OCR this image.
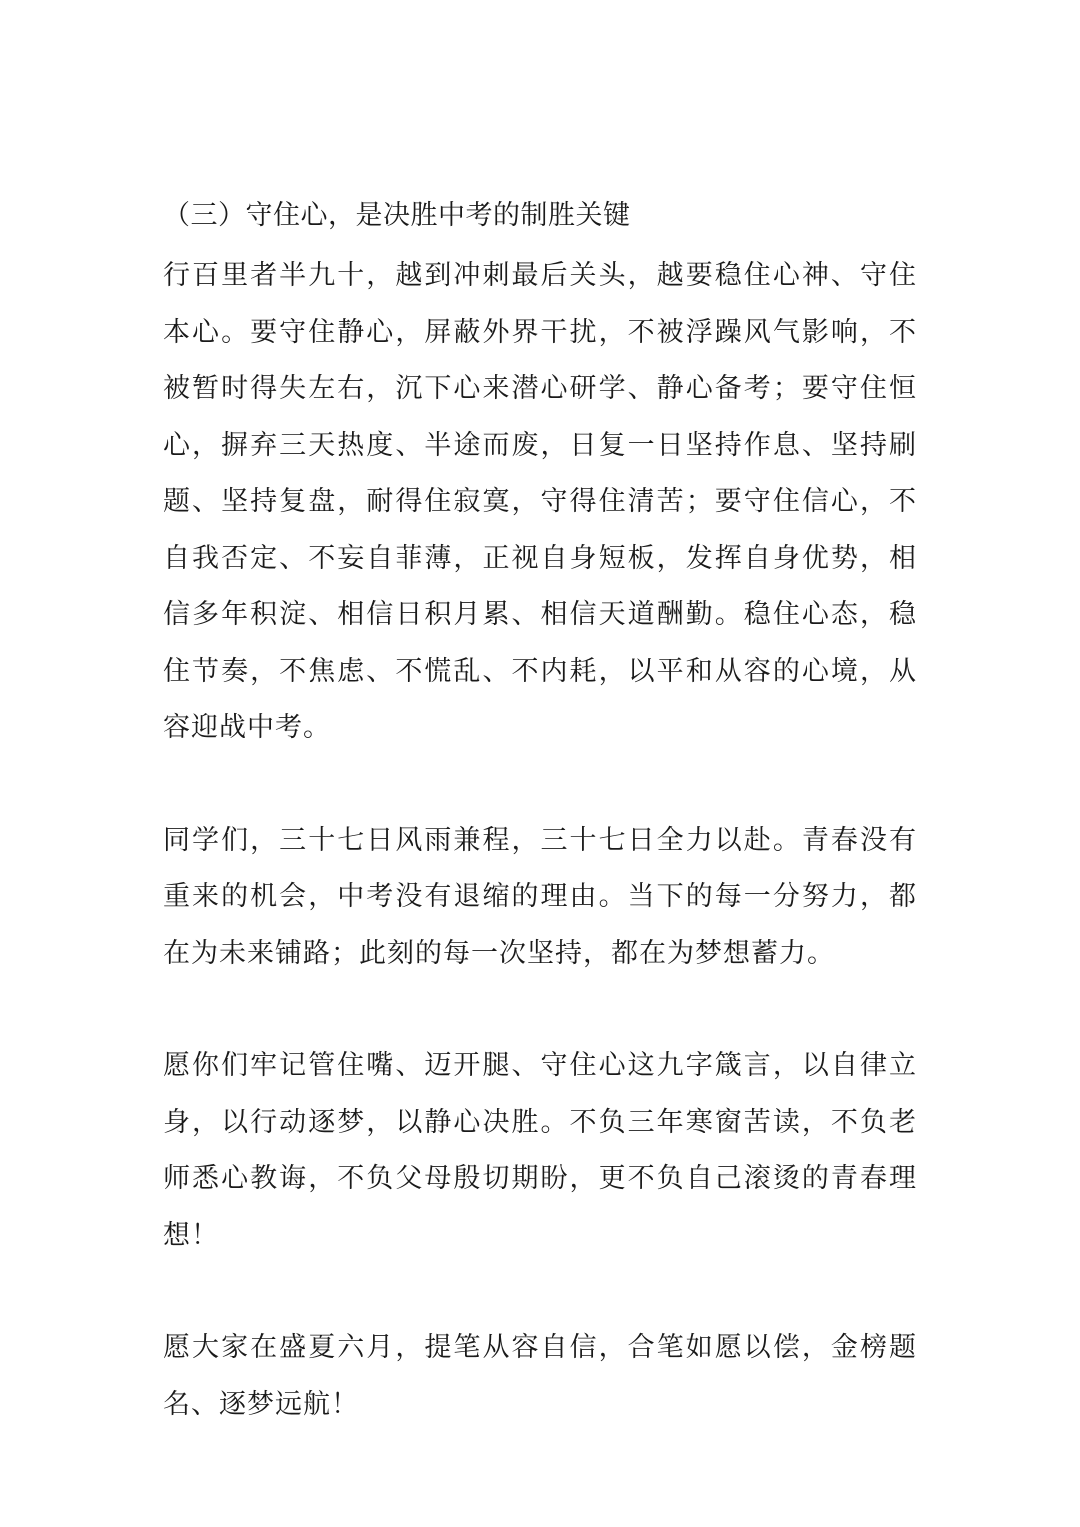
（三）守住心，是决胜中考的制胜关键

行百里者半九十，越到冲刺最后关头，越要稳住心神、守住本心。要守住静心，屏蔽外界干扰，不被浮躁风气影响，不被暂时得失左右，沉下心来潜心研学、静心备考；要守住恒心，摒弃三天热度、半途而废，日复一日坚持作息、坚持刷题、坚持复盘，耐得住寂寞，守得住清苦；要守住信心，不自我否定、不妄自菲薄，正视自身短板，发挥自身优势，相信多年积淀、相信日积月累、相信天道酬勤。稳住心态，稳住节奏，不焦虑、不慌乱、不内耗，以平和从容的心境，从容迎战中考。

同学们，三十七日风雨兼程，三十七日全力以赴。青春没有重来的机会，中考没有退缩的理由。当下的每一分努力，都在为未来铺路；此刻的每一次坚持，都在为梦想蓄力。

愿你们牢记管住嘴、迈开腿、守住心这九字箴言，以自律立身，以行动逐梦，以静心决胜。不负三年寒窗苦读，不负老师悉心教诲，不负父母殷切期盼，更不负自己滚烫的青春理想！

愿大家在盛夏六月，提笔从容自信，合笔如愿以偿，金榜题名、逐梦远航！
